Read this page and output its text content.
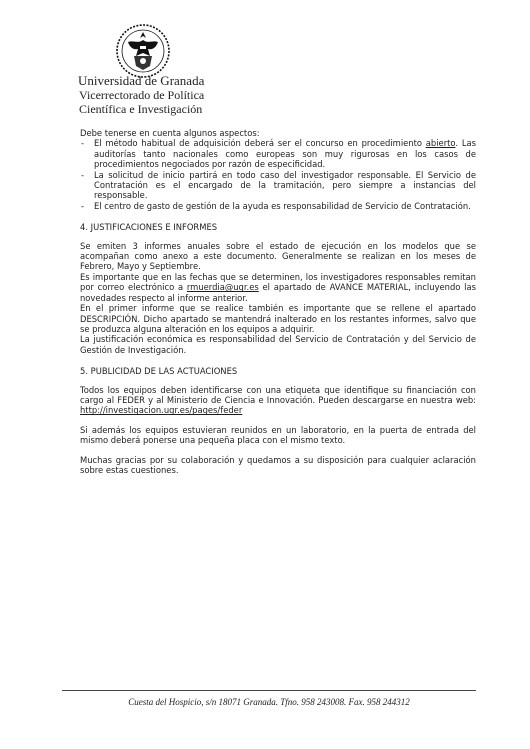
Universidad de Granada
Vicerrectorado de Política
Científica e Investigación

Debe tenerse en cuenta algunos aspectos:

- El método habitual de adquisición deberá ser el concurso en procedimiento abierto. Las auditorías tanto nacionales como europeas son muy rigurosas en los casos de procedimientos negociados por razón de especificidad.
- La solicitud de inicio partirá en todo caso del investigador responsable. El Servicio de Contratación es el encargado de la tramitación, pero siempre a instancias del responsable.
- El centro de gasto de gestión de la ayuda es responsabilidad de Servicio de Contratación.

4. JUSTIFICACIONES E INFORMES

Se emiten 3 informes anuales sobre el estado de ejecución en los modelos que se acompañan como anexo a este documento. Generalmente se realizan en los meses de Febrero, Mayo y Septiembre.

Es importante que en las fechas que se determinen, los investigadores responsables remitan por correo electrónico a rmuerdia@ugr.es el apartado de AVANCE MATERIAL, incluyendo las novedades respecto al informe anterior.

En el primer informe que se realice también es importante que se rellene el apartado DESCRIPCIÓN. Dicho apartado se mantendrá inalterado en los restantes informes, salvo que se produzca alguna alteración en los equipos a adquirir.

La justificación económica es responsabilidad del Servicio de Contratación y del Servicio de Gestión de Investigación.

5. PUBLICIDAD DE LAS ACTUACIONES

Todos los equipos deben identificarse con una etiqueta que identifique su financiación con cargo al FEDER y al Ministerio de Ciencia e Innovación. Pueden descargarse en nuestra web: http://investigacion.ugr.es/pages/feder

Si además los equipos estuvieran reunidos en un laboratorio, en la puerta de entrada del mismo deberá ponerse una pequeña placa con el mismo texto.

Muchas gracias por su colaboración y quedamos a su disposición para cualquier aclaración sobre estas cuestiones.

Cuesta del Hospicio, s/n 18071 Granada. Tfno. 958 243008. Fax. 958 244312
